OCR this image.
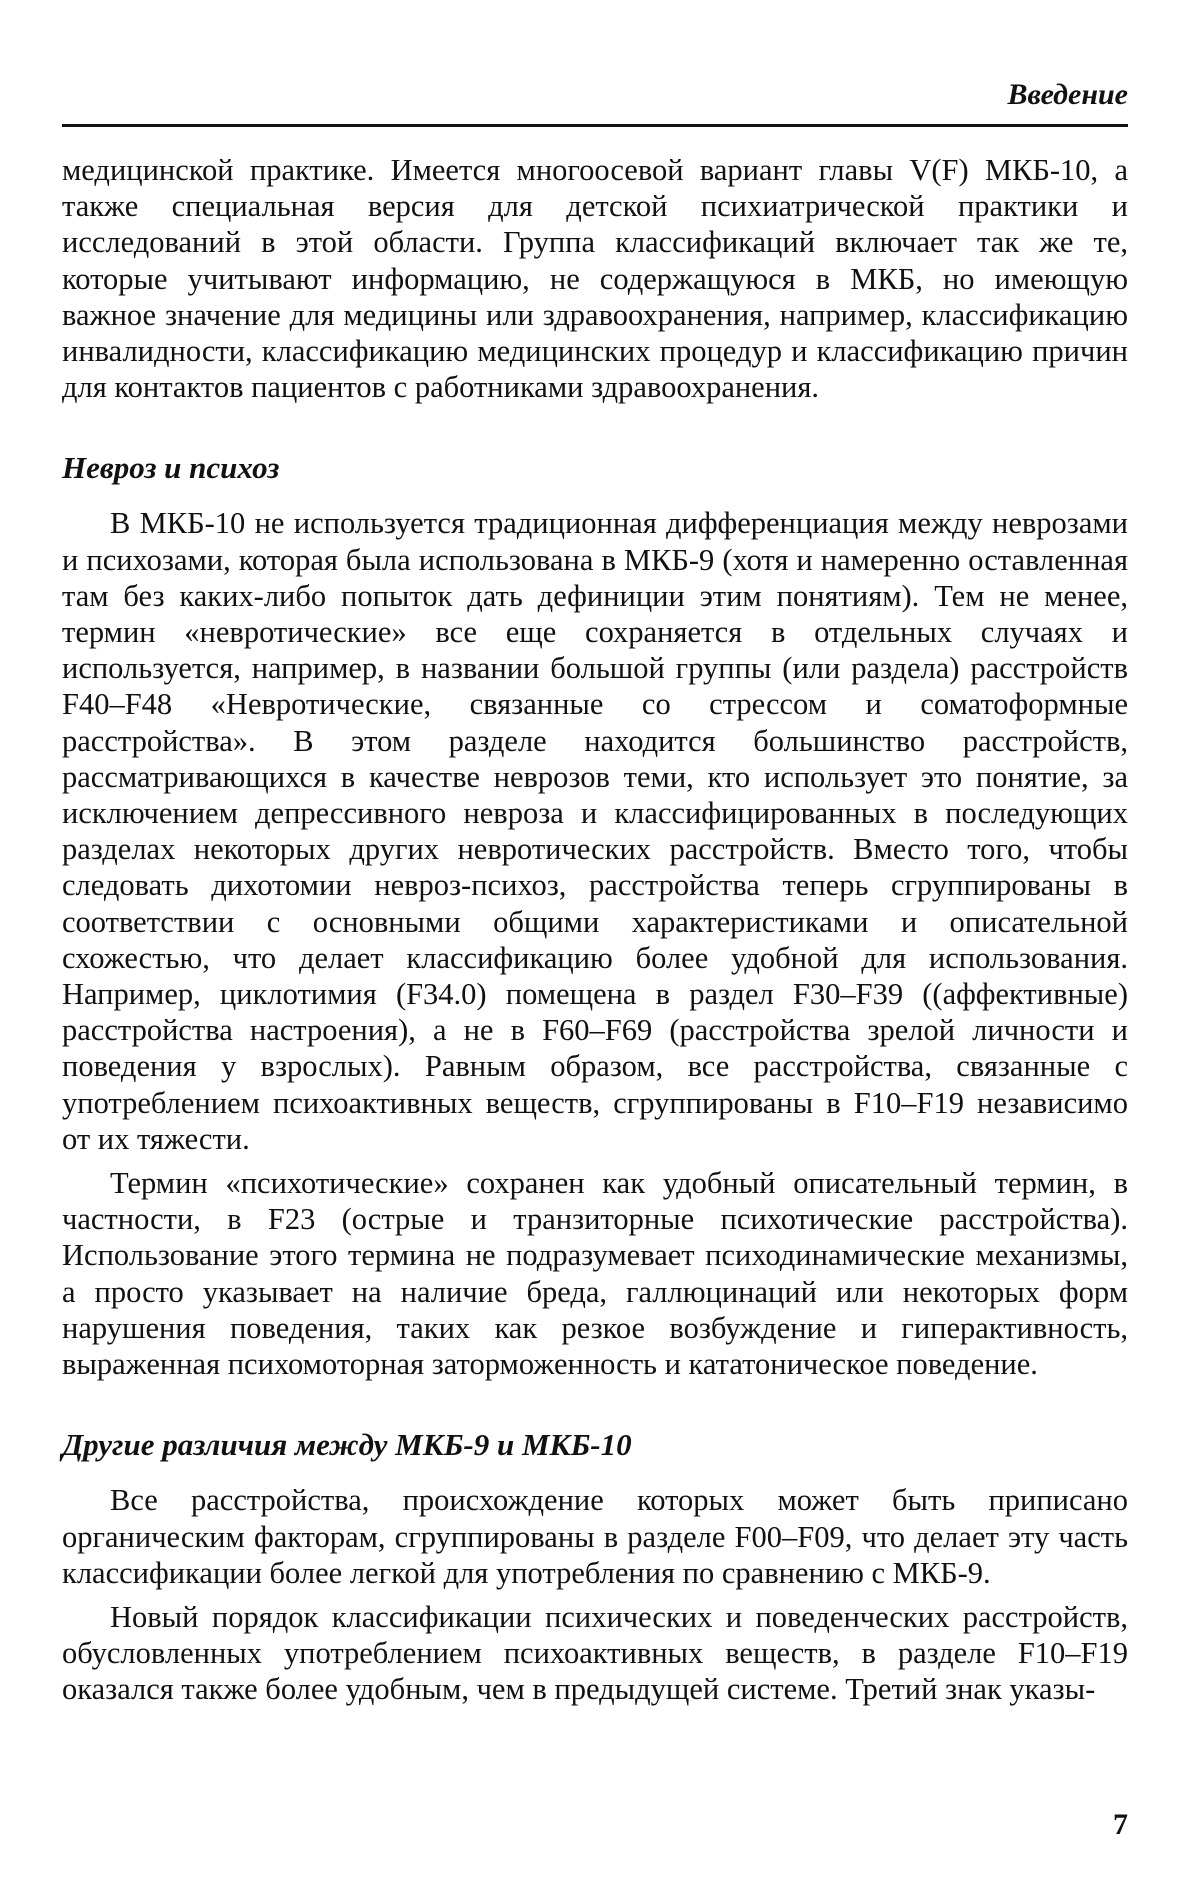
Введение

медицинской практике. Имеется многоосевой вариант главы V(F) МКБ-10, а также специальная версия для детской психиатрической практики и исследований в этой области. Группа классификаций включает так же те, которые учитывают информацию, не содержащуюся в МКБ, но имеющую важное значение для медицины или здравоохранения, например, классификацию инвалидности, классификацию медицинских процедур и классификацию причин для контактов пациентов с работниками здравоохранения.

Невроз и психоз

В МКБ-10 не используется традиционная дифференциация между неврозами и психозами, которая была использована в МКБ-9 (хотя и намеренно оставленная там без каких-либо попыток дать дефиниции этим понятиям). Тем не менее, термин «невротические» все еще сохраняется в отдельных случаях и используется, например, в названии большой группы (или раздела) расстройств F40–F48 «Невротические, связанные со стрессом и соматоформные расстройства». В этом разделе находится большинство расстройств, рассматривающихся в качестве неврозов теми, кто использует это понятие, за исключением депрессивного невроза и классифицированных в последующих разделах некоторых других невротических расстройств. Вместо того, чтобы следовать дихотомии невроз-психоз, расстройства теперь сгруппированы в соответствии с основными общими характеристиками и описательной схожестью, что делает классификацию более удобной для использования. Например, циклотимия (F34.0) помещена в раздел F30–F39 ((аффективные) расстройства настроения), а не в F60–F69 (расстройства зрелой личности и поведения у взрослых). Равным образом, все расстройства, связанные с употреблением психоактивных веществ, сгруппированы в F10–F19 независимо от их тяжести.

Термин «психотические» сохранен как удобный описательный термин, в частности, в F23 (острые и транзиторные психотические расстройства). Использование этого термина не подразумевает психодинамические механизмы, а просто указывает на наличие бреда, галлюцинаций или некоторых форм нарушения поведения, таких как резкое возбуждение и гиперактивность, выраженная психомоторная заторможенность и кататоническое поведение.

Другие различия между МКБ-9 и МКБ-10

Все расстройства, происхождение которых может быть приписано органическим факторам, сгруппированы в разделе F00–F09, что делает эту часть классификации более легкой для употребления по сравнению с МКБ-9.

Новый порядок классификации психических и поведенческих расстройств, обусловленных употреблением психоактивных веществ, в разделе F10–F19 оказался также более удобным, чем в предыдущей системе. Третий знак указы-

7
